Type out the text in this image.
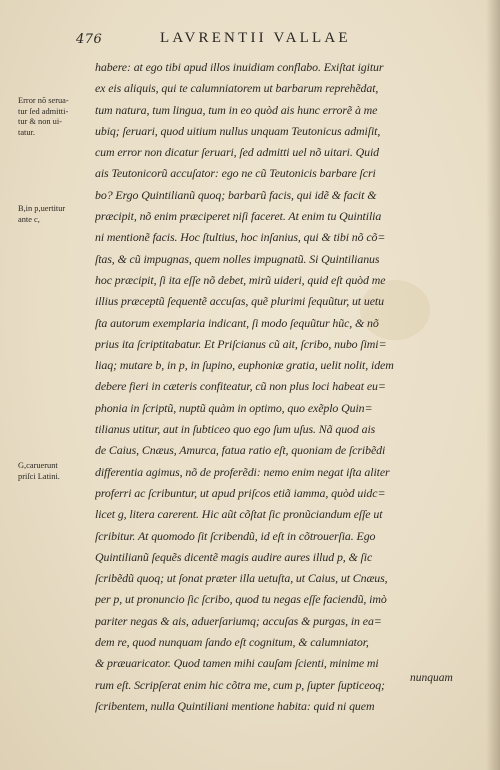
476	LAVRENTII VALLAE
Error nõ serua-
tur ſed admitti-
tur & non ui-
tatur.
B,in p,uertitur
ante c,
G,caruerunt
priſci Latini.
habere: at ego tibi apud illos inuidiam conflabo. Exiſtat igitur
ex eis aliquis, qui te calumniatorem ut barbarum reprehẽdat,
tum natura, tum lingua, tum in eo quòd ais hunc errorẽ à me
ubiq; ſeruari, quod uitium nullus unquam Teutonicus admiſit,
cum error non dicatur ſeruari, ſed admitti uel nõ uitari. Quid
ais Teutonicorũ accuſator: ego ne cũ Teutonicis barbare ſcri
bo? Ergo Quintilianũ quoq; barbarũ facis, qui idẽ & facit &
præcipit, nõ enim præciperet niſi faceret. At enim tu Quintilia
ni mentionẽ facis. Hoc ſtultius, hoc inſanius, qui & tibi nõ cõ=
ſtas, & cũ impugnas, quem nolles impugnatũ. Si Quintilianus
hoc præcipit, ſi ita eſſe nõ debet, mirũ uideri, quid eſt quòd me
illius præceptũ ſequentẽ accuſas, quẽ plurimi ſequũtur, ut uetu
ſta autorum exemplaria indicant, ſi modo ſequũtur hũc, & nõ
prius ita ſcriptitabatur. Et Priſcianus cũ ait, ſcribo, nubo ſimi=
liaq; mutare b, in p, in ſupino, euphoniæ gratia, uelit nolit, idem
debere fieri in cæteris confiteatur, cũ non plus loci habeat eu=
phonia in ſcriptũ, nuptũ quàm in optimo, quo exẽplo Quin=
tilianus utitur, aut in ſubticeo quo ego ſum uſus. Nã quod ais
de Caius, Cnæus, Amurca, fatua ratio eſt, quoniam de ſcribẽdi
differentia agimus, nõ de proferẽdi: nemo enim negat iſta aliter
proferri ac ſcribuntur, ut apud priſcos etiã iamma, quòd uidc=
licet g, litera carerent. Hic aũt cõſtat ſic pronũciandum eſſe ut
ſcribitur. At quomodo ſit ſcribendũ, id eſt in cõtrouerſia. Ego
Quintilianũ ſequẽs dicentẽ magis audire aures illud p, & ſic
ſcribẽdũ quoq; ut ſonat præter illa uetuſta, ut Caius, ut Cnæus,
per p, ut pronuncio ſic ſcribo, quod tu negas eſſe faciendũ, imò
pariter negas & ais, aduerſariumq; accuſas & purgas, in ea=
dem re, quod nunquam ſando eſt cognitum, & calumniator,
& præuaricator. Quod tamen mihi cauſam ſcienti, minime mi
rum eſt. Scripſerat enim hic cõtra me, cum p, ſupter ſupticeoq;
ſcribentem, nulla Quintiliani mentione habita: quid ni quem
nunquam
